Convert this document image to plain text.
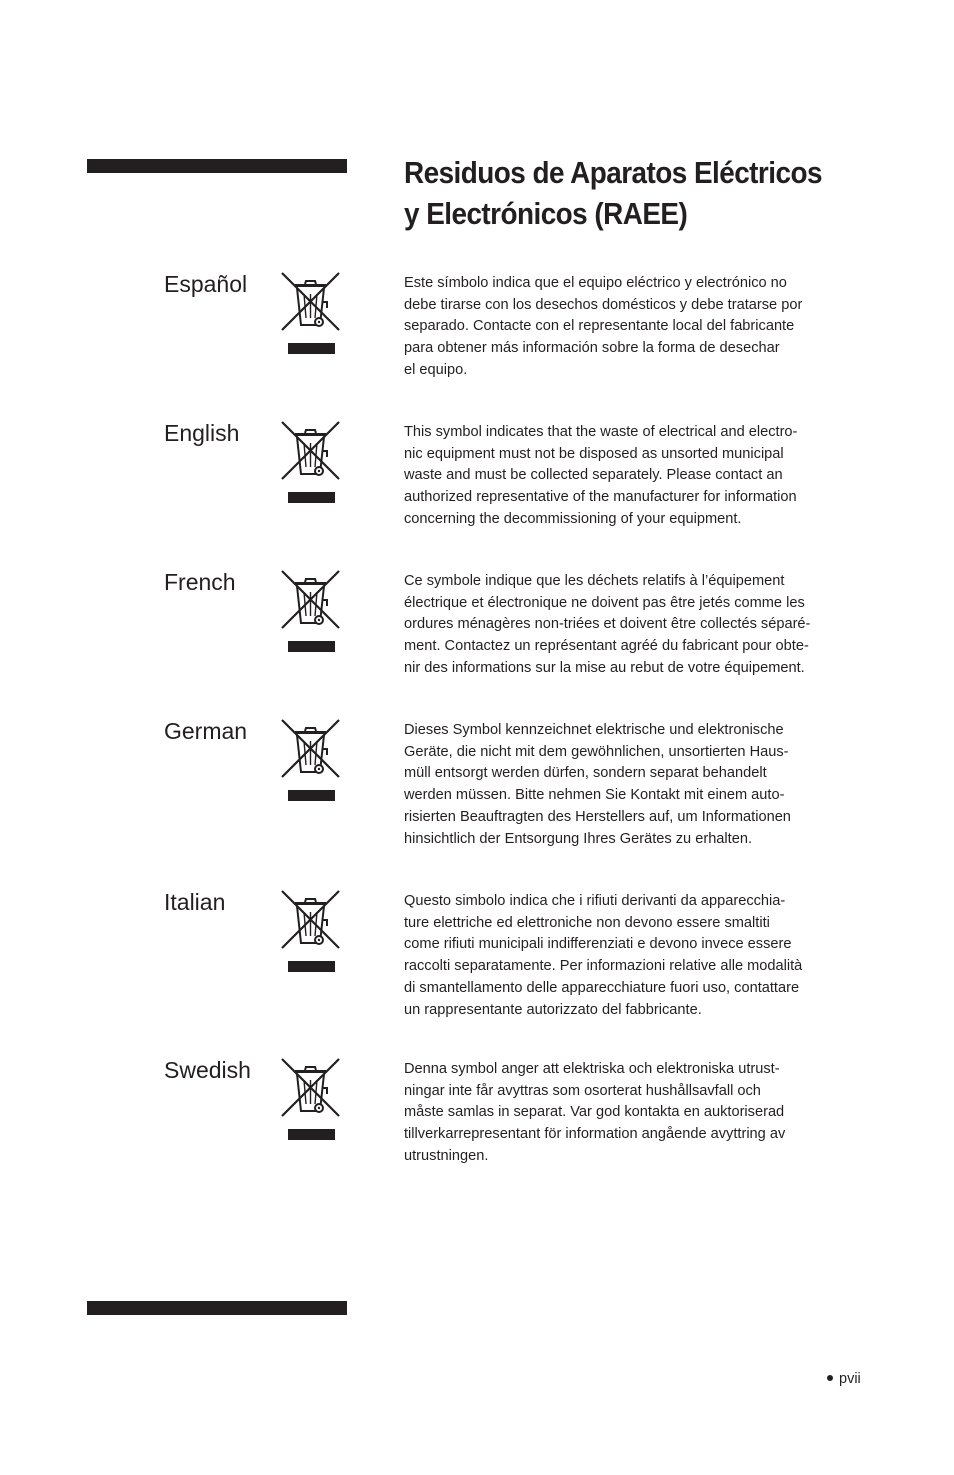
Residuos de Aparatos Eléctricos
y Electrónicos (RAEE)
Español	Este símbolo indica que el equipo eléctrico y electrónico no
debe tirarse con los desechos domésticos y debe tratarse por
separado. Contacte con el representante local del fabricante
para obtener más información sobre la forma de desechar
el equipo.
English	This symbol indicates that the waste of electrical and electro-
nic equipment must not be disposed as unsorted municipal
waste and must be collected separately. Please contact an
authorized representative of the manufacturer for information
concerning the decommissioning of your equipment.
French	Ce symbole indique que les déchets relatifs à l’équipement
électrique et électronique ne doivent pas être jetés comme les
ordures ménagères non-triées et doivent être collectés séparé-
ment. Contactez un représentant agréé du fabricant pour obte-
nir des informations sur la mise au rebut de votre équipement.
German	Dieses Symbol kennzeichnet elektrische und elektronische
Geräte, die nicht mit dem gewöhnlichen, unsortierten Haus-
müll entsorgt werden dürfen, sondern separat behandelt
werden müssen. Bitte nehmen Sie Kontakt mit einem auto-
risierten Beauftragten des Herstellers auf, um Informationen
hinsichtlich der Entsorgung Ihres Gerätes zu erhalten.
Italian	Questo simbolo indica che i rifiuti derivanti da apparecchia-
ture elettriche ed elettroniche non devono essere smaltiti
come rifiuti municipali indifferenziati e devono invece essere
raccolti separatamente. Per informazioni relative alle modalità
di smantellamento delle apparecchiature fuori uso, contattare
un rappresentante autorizzato del fabbricante.
Swedish	Denna symbol anger att elektriska och elektroniska utrust-
ningar inte får avyttras som osorterat hushållsavfall och
måste samlas in separat. Var god kontakta en auktoriserad
tillverkarrepresentant för information angående avyttring av
utrustningen.
pvii
